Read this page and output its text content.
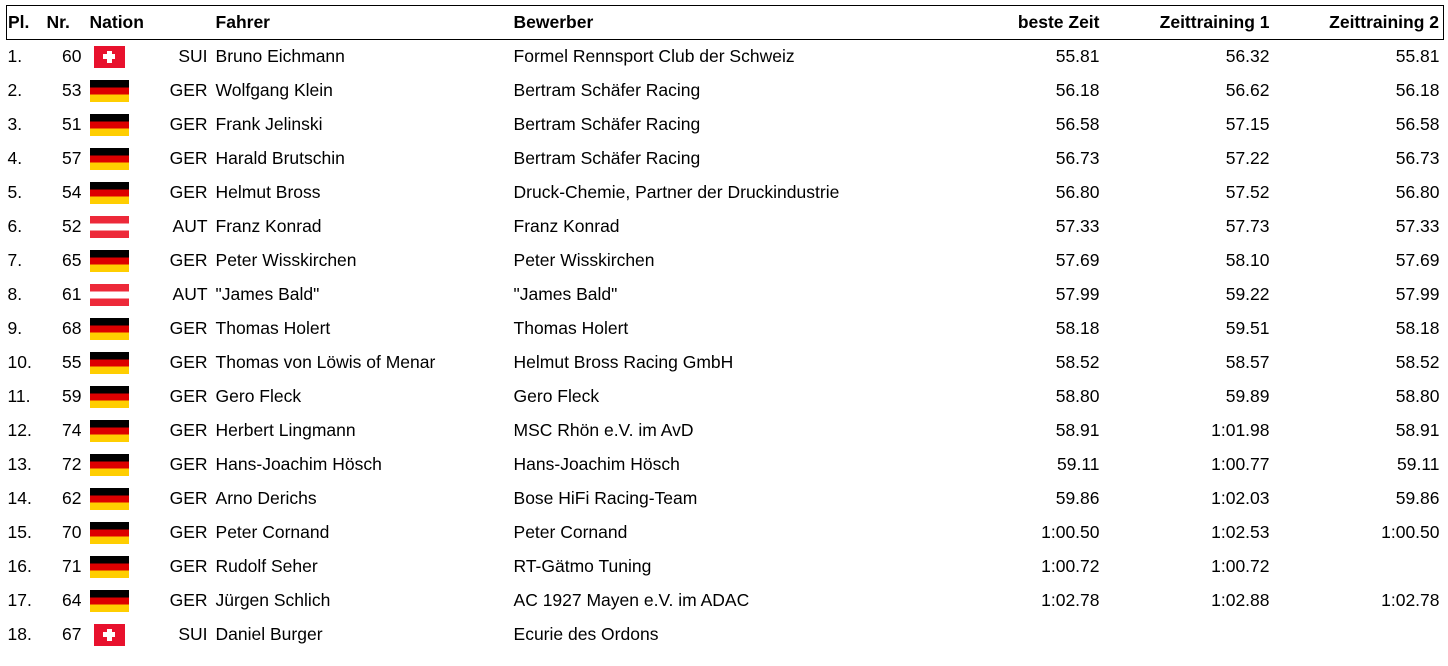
Pl.	Nr.	Nation		Fahrer	Bewerber	beste Zeit	Zeittraining 1	Zeittraining 2
1.	60		SUI	Bruno Eichmann	Formel Rennsport Club der Schweiz	55.81	56.32	55.81
2.	53		GER	Wolfgang Klein	Bertram Schäfer Racing	56.18	56.62	56.18
3.	51		GER	Frank Jelinski	Bertram Schäfer Racing	56.58	57.15	56.58
4.	57		GER	Harald Brutschin	Bertram Schäfer Racing	56.73	57.22	56.73
5.	54		GER	Helmut Bross	Druck-Chemie, Partner der Druckindustrie	56.80	57.52	56.80
6.	52		AUT	Franz Konrad	Franz Konrad	57.33	57.73	57.33
7.	65		GER	Peter Wisskirchen	Peter Wisskirchen	57.69	58.10	57.69
8.	61		AUT	"James Bald"	"James Bald"	57.99	59.22	57.99
9.	68		GER	Thomas Holert	Thomas Holert	58.18	59.51	58.18
10.	55		GER	Thomas von Löwis of Menar	Helmut Bross Racing GmbH	58.52	58.57	58.52
11.	59		GER	Gero Fleck	Gero Fleck	58.80	59.89	58.80
12.	74		GER	Herbert Lingmann	MSC Rhön e.V. im AvD	58.91	1:01.98	58.91
13.	72		GER	Hans-Joachim Hösch	Hans-Joachim Hösch	59.11	1:00.77	59.11
14.	62		GER	Arno Derichs	Bose HiFi Racing-Team	59.86	1:02.03	59.86
15.	70		GER	Peter Cornand	Peter Cornand	1:00.50	1:02.53	1:00.50
16.	71		GER	Rudolf Seher	RT-Gätmo Tuning	1:00.72	1:00.72	
17.	64		GER	Jürgen Schlich	AC 1927 Mayen e.V. im ADAC	1:02.78	1:02.88	1:02.78
18.	67		SUI	Daniel Burger	Ecurie des Ordons			
